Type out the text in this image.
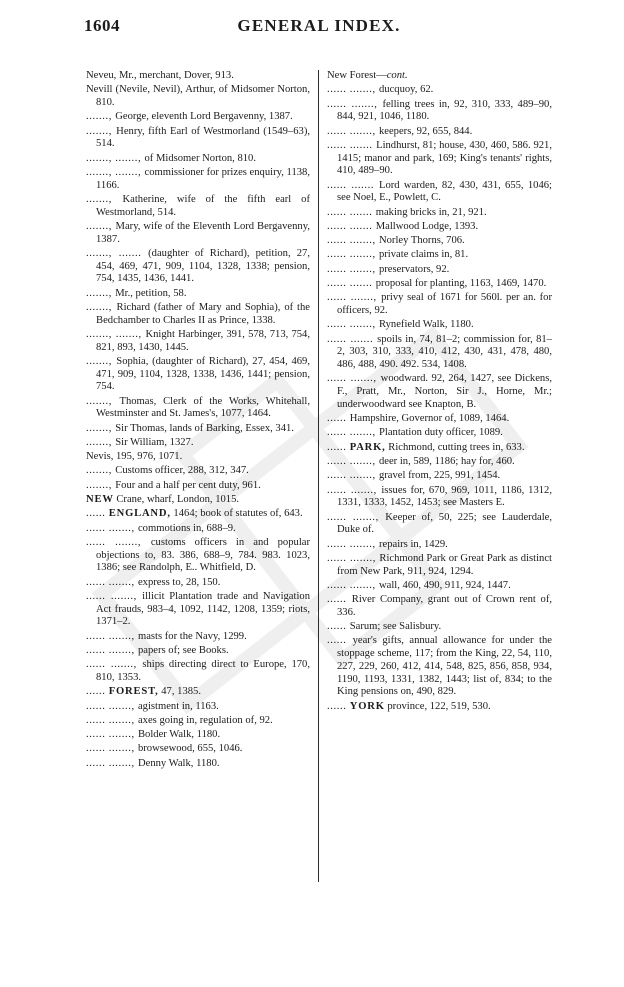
1604	GENERAL INDEX.

Neveu, Mr., merchant, Dover, 913.

Nevill (Nevile, Nevil), Arthur, of Midsomer Norton, 810.

......., George, eleventh Lord Bergavenny, 1387.

......., Henry, fifth Earl of Westmorland (1549–63), 514.

......., ......., of Midsomer Norton, 810.

......., ......., commissioner for prizes enquiry, 1138, 1166.

......., Katherine, wife of the fifth earl of Westmorland, 514.

......., Mary, wife of the Eleventh Lord Bergavenny, 1387.

......., ....... (daughter of Richard), petition, 27, 454, 469, 471, 909, 1104, 1328, 1338; pension, 754, 1435, 1436, 1441.

......., Mr., petition, 58.

......., Richard (father of Mary and Sophia), of the Bedchamber to Charles II as Prince, 1338.

......., ......., Knight Harbinger, 391, 578, 713, 754, 821, 893, 1430, 1445.

......., Sophia, (daughter of Richard), 27, 454, 469, 471, 909, 1104, 1328, 1338, 1436, 1441; pension, 754.

......., Thomas, Clerk of the Works, Whitehall, Westminster and St. James's, 1077, 1464.

......., Sir Thomas, lands of Barking, Essex, 341.

......., Sir William, 1327.

Nevis, 195, 976, 1071.

......., Customs officer, 288, 312, 347.

......., Four and a half per cent duty, 961.

NEW Crane, wharf, London, 1015.

...... ENGLAND, 1464; book of statutes of, 643.

...... ......., commotions in, 688–9.

...... ......., customs officers in and popular objections to, 83. 386, 688–9, 784. 983. 1023, 1386; see Randolph, E.. Whitfield, D.

...... ......., express to, 28, 150.

...... ......., illicit Plantation trade and Navigation Act frauds, 983–4, 1092, 1142, 1208, 1359; riots, 1371–2.

...... ......., masts for the Navy, 1299.

...... ......., papers of; see Books.

...... ......., ships directing direct to Europe, 170, 810, 1353.

...... FOREST, 47, 1385.

...... ......., agistment in, 1163.

...... ......., axes going in, regulation of, 92.

...... ......., Bolder Walk, 1180.

...... ......., browsewood, 655, 1046.

...... ......., Denny Walk, 1180.

New Forest—cont.

...... ......., ducquoy, 62.

...... ......., felling trees in, 92, 310, 333, 489–90, 844, 921, 1046, 1180.

...... ......., keepers, 92, 655, 844.

...... ....... Lindhurst, 81; house, 430, 460, 586. 921, 1415; manor and park, 169; King's tenants' rights, 410, 489–90.

...... ....... Lord warden, 82, 430, 431, 655, 1046; see Noel, E., Powlett, C.

...... ....... making bricks in, 21, 921.

...... ....... Mallwood Lodge, 1393.

...... ......., Norley Thorns, 706.

...... ......., private claims in, 81.

...... ......., preservators, 92.

...... ....... proposal for planting, 1163, 1469, 1470.

...... ......., privy seal of 1671 for 560l. per an. for officers, 92.

...... ......., Rynefield Walk, 1180.

...... ....... spoils in, 74, 81–2; commission for, 81–2, 303, 310, 333, 410, 412, 430, 431, 478, 480, 486, 488, 490. 492. 534, 1408.

...... ......., woodward. 92, 264, 1427, see Dickens, F., Pratt, Mr., Norton, Sir J., Horne, Mr.; underwoodward see Knapton, B.

...... Hampshire, Governor of, 1089, 1464.

...... ......., Plantation duty officer, 1089.

...... PARK, Richmond, cutting trees in, 633.

...... ......., deer in, 589, 1186; hay for, 460.

...... ......., gravel from, 225, 991, 1454.

...... ......., issues for, 670, 969, 1011, 1186, 1312, 1331, 1333, 1452, 1453; see Masters E.

...... ......., Keeper of, 50, 225; see Lauderdale, Duke of.

...... ......., repairs in, 1429.

...... ......., Richmond Park or Great Park as distinct from New Park, 911, 924, 1294.

...... ......., wall, 460, 490, 911, 924, 1447.

...... River Company, grant out of Crown rent of, 336.

...... Sarum; see Salisbury.

...... year's gifts, annual allowance for under the stoppage scheme, 117; from the King, 22, 54, 110, 227, 229, 260, 412, 414, 548, 825, 856, 858, 934, 1190, 1193, 1331, 1382, 1443; list of, 834; to the King pensions on, 490, 829.

...... YORK province, 122, 519, 530.
